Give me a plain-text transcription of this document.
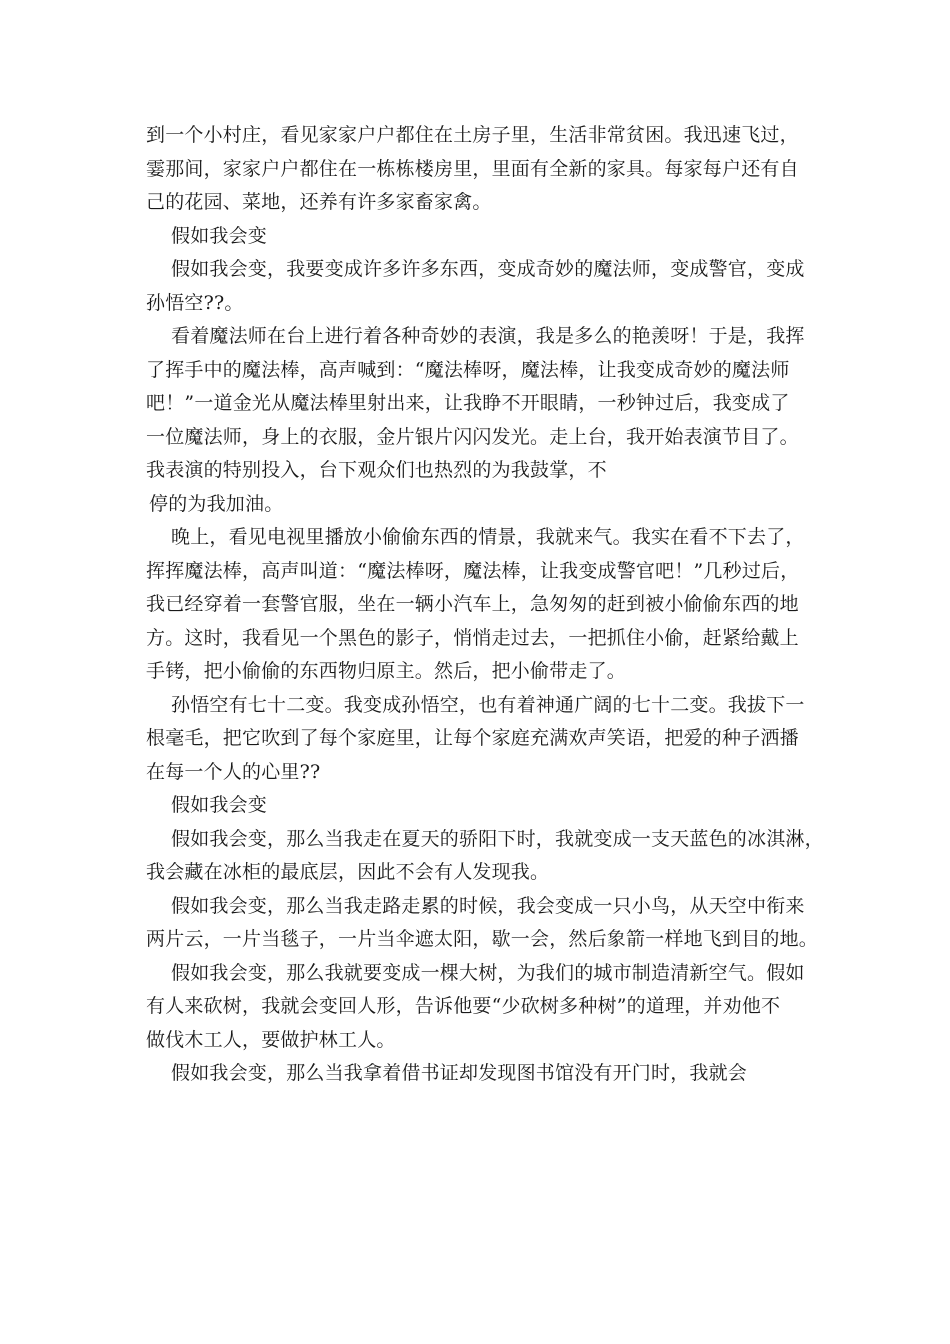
到一个小村庄，看见家家户户都住在土房子里，生活非常贫困。我迅速飞过，
霎那间，家家户户都住在一栋栋楼房里，里面有全新的家具。每家每户还有自
己的花园、菜地，还养有许多家畜家禽。
假如我会变
假如我会变，我要变成许多许多东西，变成奇妙的魔法师，变成警官，变成
孙悟空??。
看着魔法师在台上进行着各种奇妙的表演，我是多么的艳羡呀！于是，我挥
了挥手中的魔法棒，高声喊到：“魔法棒呀，魔法棒，让我变成奇妙的魔法师
吧！”一道金光从魔法棒里射出来，让我睁不开眼睛，一秒钟过后，我变成了
一位魔法师，身上的衣服，金片银片闪闪发光。走上台，我开始表演节目了。
我表演的特别投入，台下观众们也热烈的为我鼓掌，不
停的为我加油。
晚上，看见电视里播放小偷偷东西的情景，我就来气。我实在看不下去了，
挥挥魔法棒，高声叫道：“魔法棒呀，魔法棒，让我变成警官吧！”几秒过后，
我已经穿着一套警官服，坐在一辆小汽车上，急匆匆的赶到被小偷偷东西的地
方。这时，我看见一个黑色的影子，悄悄走过去，一把抓住小偷，赶紧给戴上
手铐，把小偷偷的东西物归原主。然后，把小偷带走了。
孙悟空有七十二变。我变成孙悟空，也有着神通广阔的七十二变。我拔下一
根毫毛，把它吹到了每个家庭里，让每个家庭充满欢声笑语，把爱的种子洒播
在每一个人的心里??
假如我会变
假如我会变，那么当我走在夏天的骄阳下时，我就变成一支天蓝色的冰淇淋，
我会藏在冰柜的最底层，因此不会有人发现我。
假如我会变，那么当我走路走累的时候，我会变成一只小鸟，从天空中衔来
两片云，一片当毯子，一片当伞遮太阳，歇一会，然后象箭一样地飞到目的地。
假如我会变，那么我就要变成一棵大树，为我们的城市制造清新空气。假如
有人来砍树，我就会变回人形，告诉他要“少砍树多种树”的道理，并劝他不
做伐木工人，要做护林工人。
假如我会变，那么当我拿着借书证却发现图书馆没有开门时，我就会
